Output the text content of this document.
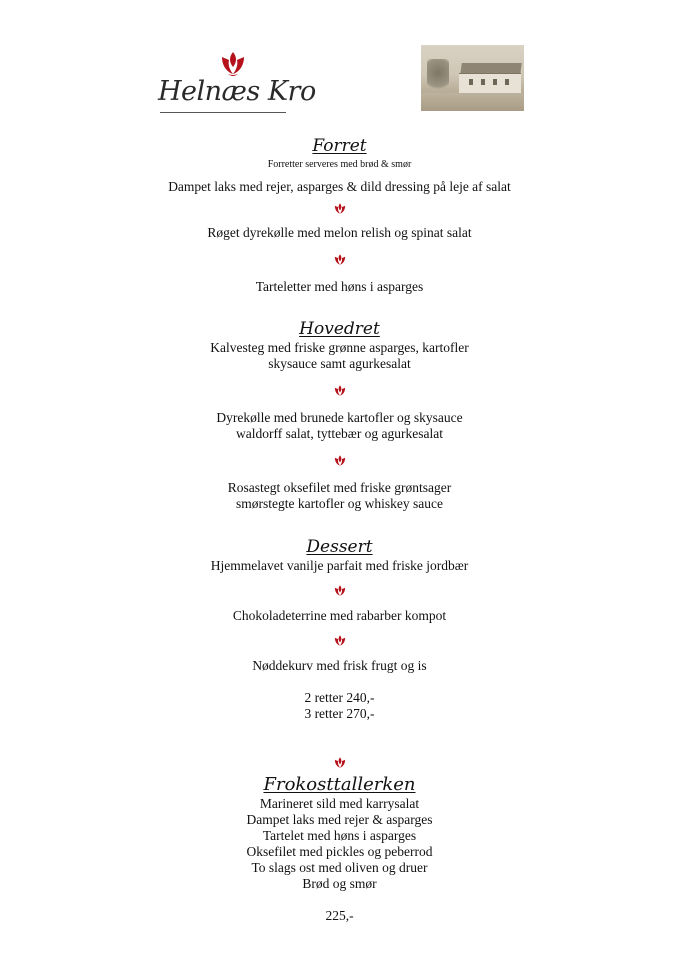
Helnæs Kro
Forret
Forretter serveres med brød & smør
Dampet laks med rejer, asparges & dild dressing på leje af salat
Røget dyrekølle med melon relish og spinat salat
Tarteletter med høns i asparges
Hovedret
Kalvesteg med friske grønne asparges, kartofler
skysauce samt agurkesalat
Dyrekølle med brunede kartofler og skysauce
waldorff salat, tyttebær og agurkesalat
Rosastegt oksefilet med friske grøntsager
smørstegte kartofler og whiskey sauce
Dessert
Hjemmelavet vanilje parfait med friske jordbær
Chokoladeterrine med rabarber kompot
Nøddekurv med frisk frugt og is
2 retter 240,-
3 retter 270,-
Frokosttallerken
Marineret sild med karrysalat
Dampet laks med rejer & asparges
Tartelet med høns i asparges
Oksefilet med pickles og peberrod
To slags ost med oliven og druer
Brød og smør
225,-
